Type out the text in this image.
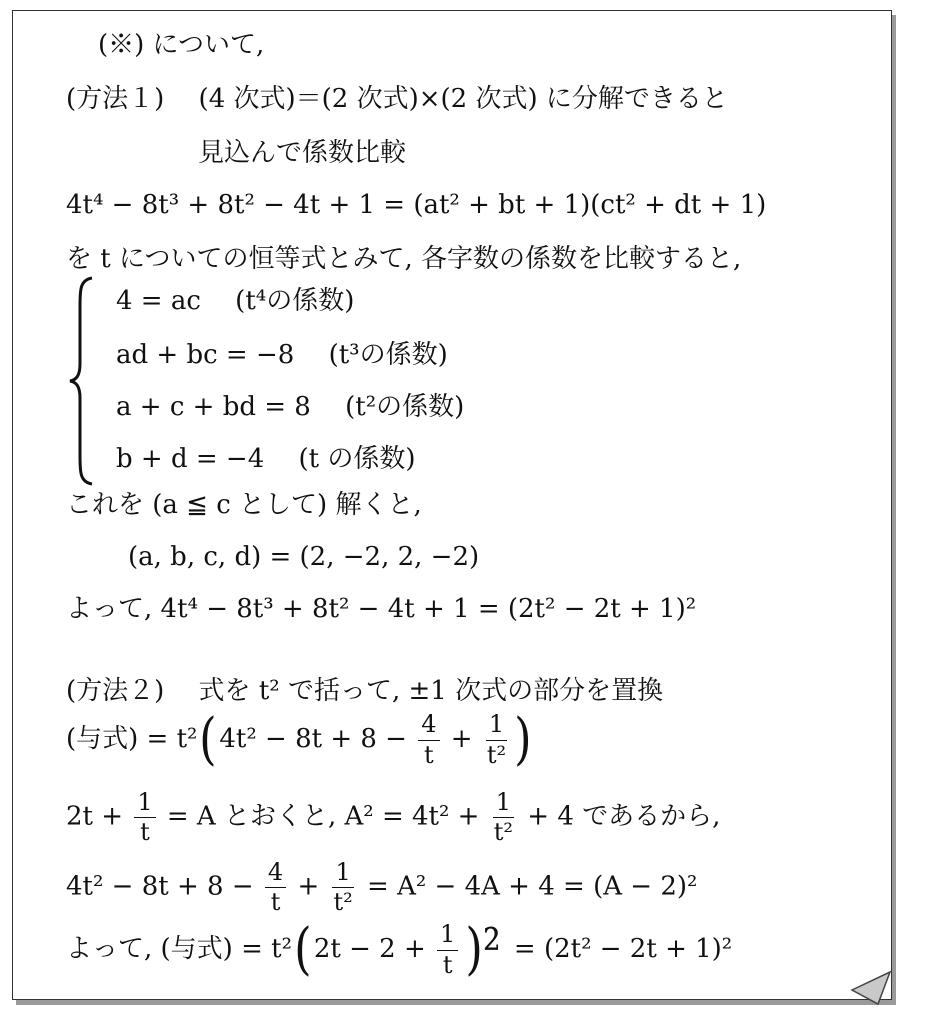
(※) について,
(方法１)　 (4 次式)＝(2 次式)×(2 次式) に分解できると
見込んで係数比較
4t⁴ − 8t³ + 8t² − 4t + 1 = (at² + bt + 1)(ct² + dt + 1)
を t についての恒等式とみて, 各字数の係数を比較すると,
4 = ac　 (t⁴の係数)
ad + bc = −8　 (t³の係数)
a + c + bd = 8　 (t²の係数)
b + d = −4　 (t の係数)
これを (a ≦ c として) 解くと,
(a, b, c, d) = (2, −2, 2, −2)
よって, 4t⁴ − 8t³ + 8t² − 4t + 1 = (2t² − 2t + 1)²
(方法２)　 式を t² で括って, ±1 次式の部分を置換
(与式) = $t^2(4t^2 - 8t + 8 - \frac{4}{t} + \frac{1}{\text{t²}}$ )
$2t + \frac{1}{t} = A$ とおくと, $A^2 = 4t^2 + \frac{1}{\text{t²}} + 4$ であるから,
$4t^2 - 8t + 8 - \frac{4}{t} + \frac{1}{\text{t²}} = A^2 - 4A + 4 = (A - 2)^2$
よって, (与式) = $t^2(2t - 2 + \frac{1}{t} )^2 = (2t^2 - 2t + 1)^2$
